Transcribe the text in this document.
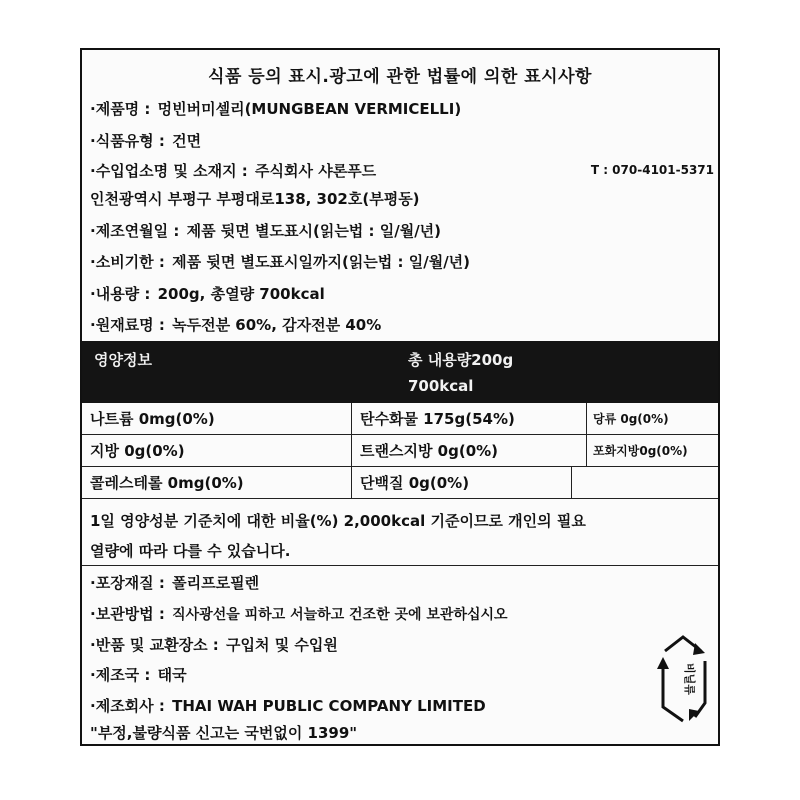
식품 등의 표시.광고에 관한 법률에 의한 표시사항
·제품명 : 멍빈버미셀리(MUNGBEAN VERMICELLI)
·식품유형 : 건면
·수입업소명 및 소재지 : 주식회사 샤론푸드	T : 070-4101-5371
인천광역시 부평구 부평대로138, 302호(부평동)
·제조연월일 : 제품 뒷면 별도표시(읽는법 : 일/월/년)
·소비기한 : 제품 뒷면 별도표시일까지(읽는법 : 일/월/년)
·내용량 : 200g, 총열량 700kcal
·원재료명 : 녹두전분 60%, 감자전분 40%
영양정보	총 내용량200g
700kcal
나트륨 0mg(0%)	탄수화물 175g(54%)	당류 0g(0%)
지방 0g(0%)	트랜스지방 0g(0%)	포화지방0g(0%)
콜레스테롤 0mg(0%)	단백질 0g(0%)
1일 영양성분 기준치에 대한 비율(%) 2,000kcal 기준이므로 개인의 필요
열량에 따라 다를 수 있습니다.
·포장재질 : 폴리프로필렌
·보관방법 : 직사광선을 피하고 서늘하고 건조한 곳에 보관하십시오
·반품 및 교환장소 : 구입처 및 수입원
·제조국 : 태국
·제조회사 : THAI WAH PUBLIC COMPANY LIMITED
"부정,불량식품 신고는 국번없이 1399"
비닐류
